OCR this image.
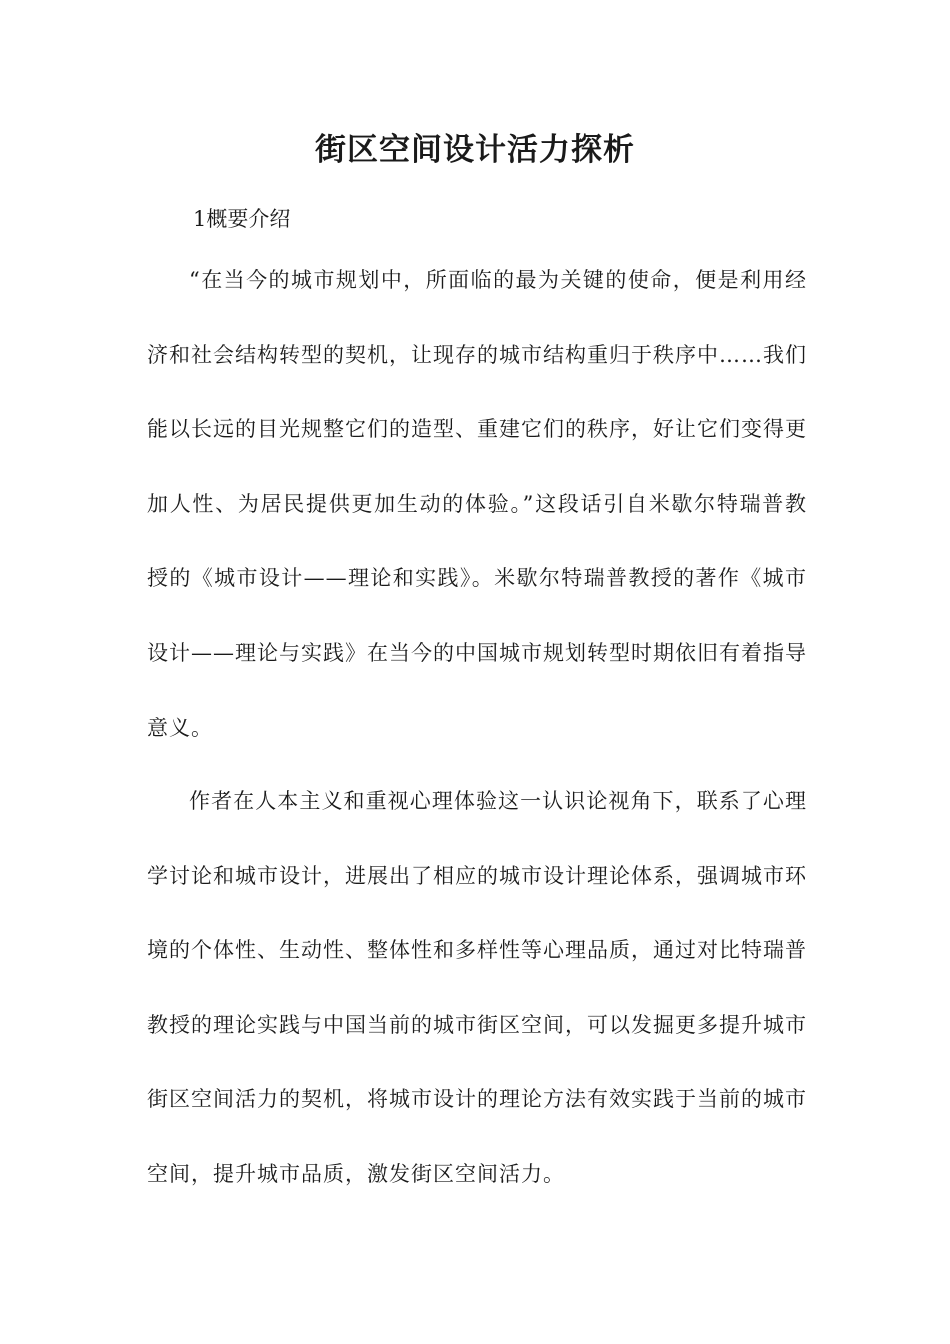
街区空间设计活力探析

1概要介绍

“在当今的城市规划中，所面临的最为关键的使命，便是利用经济和社会结构转型的契机，让现存的城市结构重归于秩序中……我们能以长远的目光规整它们的造型、重建它们的秩序，好让它们变得更加人性、为居民提供更加生动的体验。”这段话引自米歇尔特瑞普教授的《城市设计——理论和实践》。米歇尔特瑞普教授的著作《城市设计——理论与实践》在当今的中国城市规划转型时期依旧有着指导意义。

作者在人本主义和重视心理体验这一认识论视角下，联系了心理学讨论和城市设计，进展出了相应的城市设计理论体系，强调城市环境的个体性、生动性、整体性和多样性等心理品质，通过对比特瑞普教授的理论实践与中国当前的城市街区空间，可以发掘更多提升城市街区空间活力的契机，将城市设计的理论方法有效实践于当前的城市空间，提升城市品质，激发街区空间活力。
